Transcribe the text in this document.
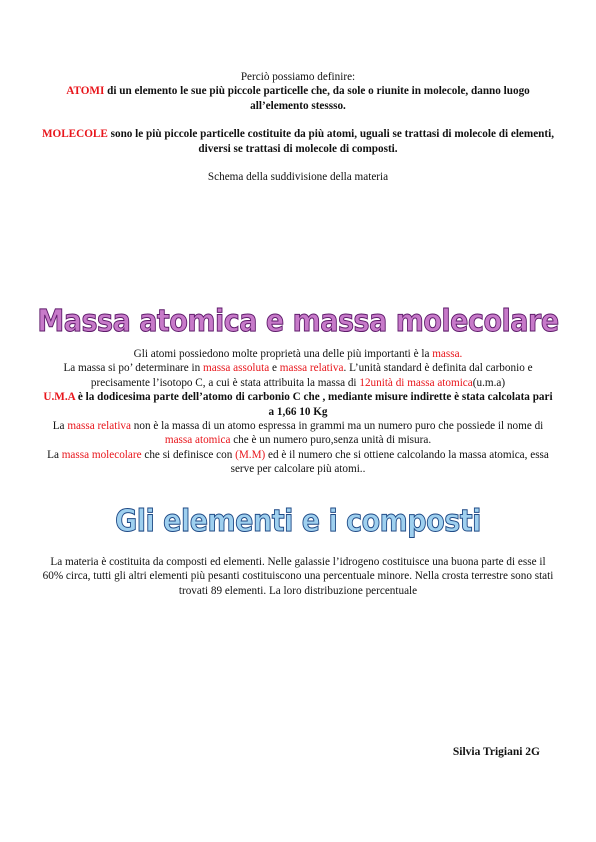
Perciò possiamo definire:
ATOMI di un elemento le sue più piccole particelle che, da sole o riunite in molecole, danno luogo all’elemento stessso.
MOLECOLE sono le più piccole particelle costituite da più atomi, uguali se trattasi di molecole di elementi, diversi se trattasi di molecole di composti.
Schema della suddivisione della materia
Massa atomica e massa molecolare
Gli atomi possiedono molte proprietà una delle più importanti è la massa.
La massa si po’ determinare in massa assoluta e massa relativa. L’unità standard è definita dal carbonio e precisamente l’isotopo C, a cui è stata attribuita la massa di 12unità di massa atomica(u.m.a)
U.M.A è la dodicesima parte dell’atomo di carbonio C che , mediante misure indirette è stata calcolata pari a 1,66 10 Kg
La massa relativa non è la massa di un atomo espressa in grammi ma un numero puro che possiede il nome di massa atomica che è un numero puro,senza unità di misura.
La massa molecolare che si definisce con (M.M) ed è il numero che si ottiene calcolando la massa atomica, essa serve per calcolare più atomi..
Gli elementi e i composti
La materia è costituita da composti ed elementi. Nelle galassie l’idrogeno costituisce una buona parte di esse il 60% circa, tutti gli altri elementi più pesanti costituiscono una percentuale minore. Nella crosta terrestre sono stati trovati 89 elementi. La loro distribuzione percentuale
Silvia Trigiani 2G
